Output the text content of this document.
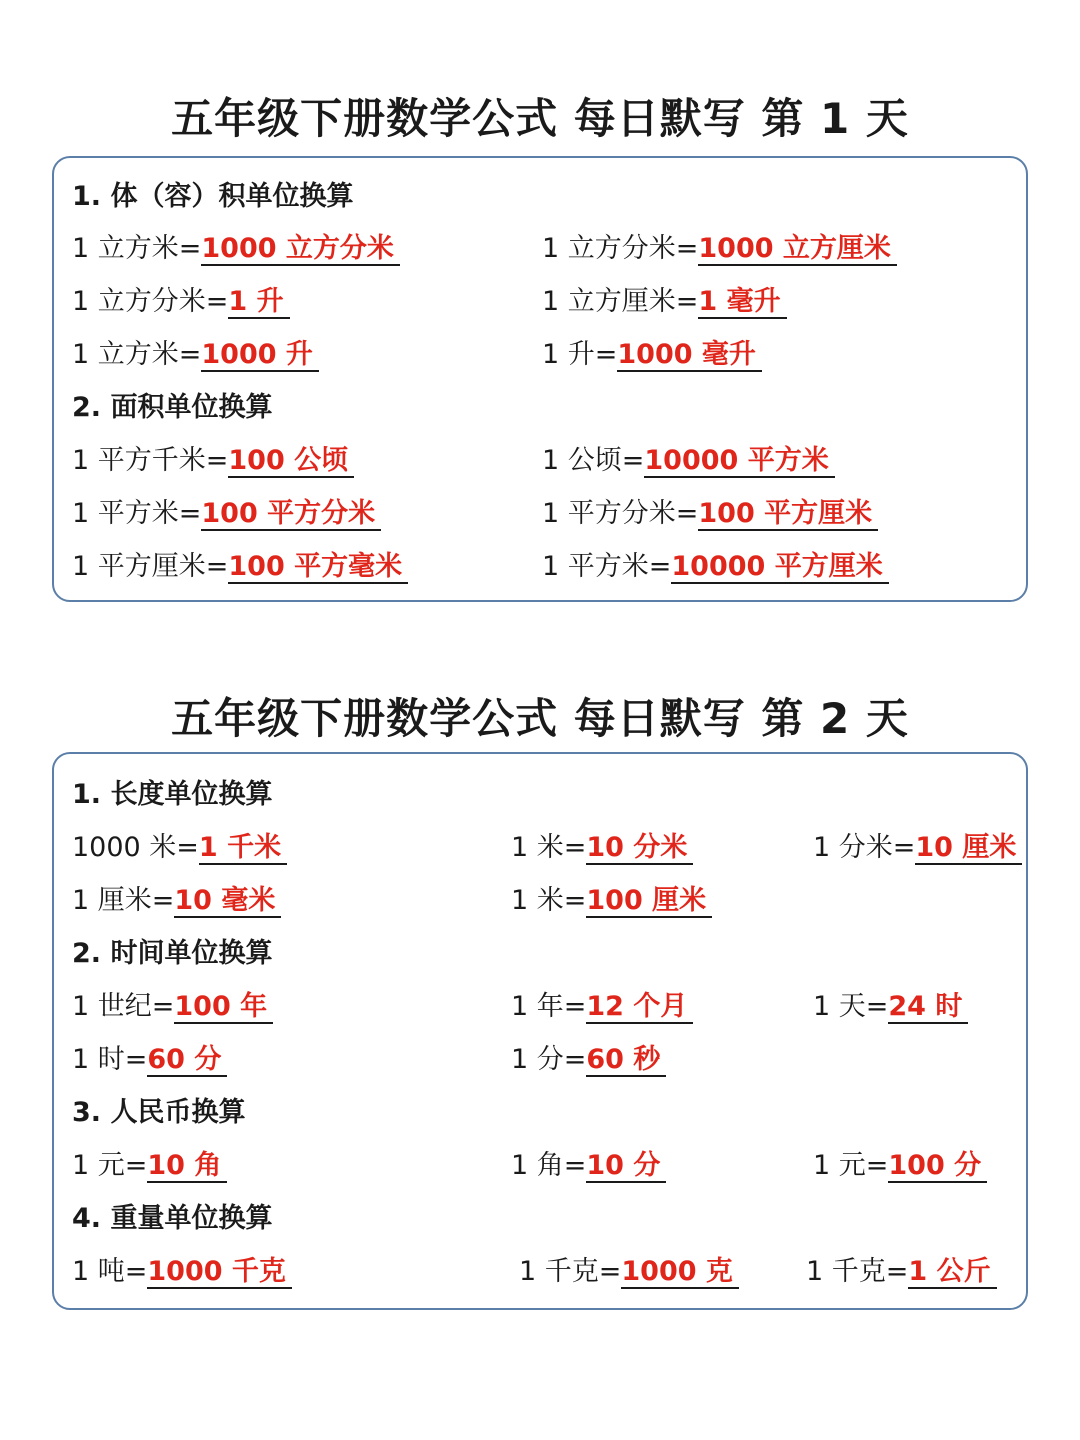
五年级下册数学公式 每日默写 第 1 天
1. 体（容）积单位换算
1 立方米=1000 立方分米	1 立方分米=1000 立方厘米
1 立方分米=1 升	1 立方厘米=1 毫升
1 立方米=1000 升	1 升=1000 毫升
2. 面积单位换算
1 平方千米=100 公顷	1 公顷=10000 平方米
1 平方米=100 平方分米	1 平方分米=100 平方厘米
1 平方厘米=100 平方毫米	1 平方米=10000 平方厘米
五年级下册数学公式 每日默写 第 2 天
1. 长度单位换算
1000 米=1 千米	1 米=10 分米	1 分米=10 厘米
1 厘米=10 毫米	1 米=100 厘米
2. 时间单位换算
1 世纪=100 年	1 年=12 个月	1 天=24 时
1 时=60 分	1 分=60 秒
3. 人民币换算
1 元=10 角	1 角=10 分	1 元=100 分
4. 重量单位换算
1 吨=1000 千克	1 千克=1000 克	1 千克=1 公斤
